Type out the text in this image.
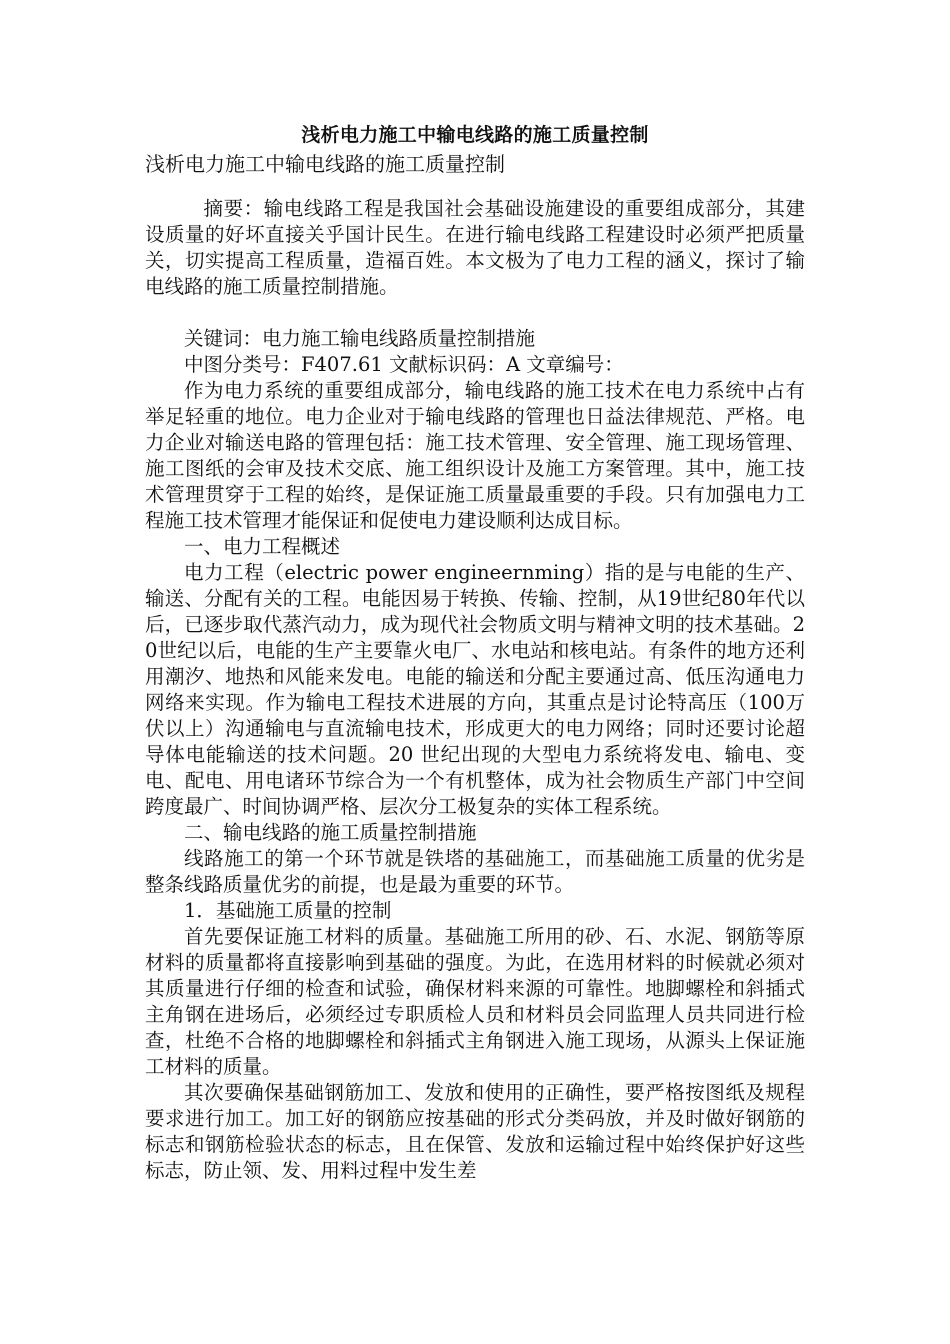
浅析电力施工中输电线路的施工质量控制
浅析电力施工中输电线路的施工质量控制

摘要：输电线路工程是我国社会基础设施建设的重要组成部分，其建设质量的好坏直接关乎国计民生。在进行输电线路工程建设时必须严把质量关，切实提高工程质量，造福百姓。本文极为了电力工程的涵义，探讨了输电线路的施工质量控制措施。

关键词：电力施工输电线路质量控制措施

中图分类号：F407.61 文献标识码：A 文章编号：

作为电力系统的重要组成部分，输电线路的施工技术在电力系统中占有举足轻重的地位。电力企业对于输电线路的管理也日益法律规范、严格。电力企业对输送电路的管理包括：施工技术管理、安全管理、施工现场管理、施工图纸的会审及技术交底、施工组织设计及施工方案管理。其中，施工技术管理贯穿于工程的始终，是保证施工质量最重要的手段。只有加强电力工程施工技术管理才能保证和促使电力建设顺利达成目标。

一、电力工程概述

电力工程（electric power engineernming）指的是与电能的生产、输送、分配有关的工程。电能因易于转换、传输、控制，从19世纪80年代以后，已逐步取代蒸汽动力，成为现代社会物质文明与精神文明的技术基础。20世纪以后，电能的生产主要靠火电厂、水电站和核电站。有条件的地方还利用潮汐、地热和风能来发电。电能的输送和分配主要通过高、低压沟通电力网络来实现。作为输电工程技术进展的方向，其重点是讨论特高压（100万伏以上）沟通输电与直流输电技术，形成更大的电力网络；同时还要讨论超导体电能输送的技术问题。20 世纪出现的大型电力系统将发电、输电、变电、配电、用电诸环节综合为一个有机整体，成为社会物质生产部门中空间跨度最广、时间协调严格、层次分工极复杂的实体工程系统。

二、输电线路的施工质量控制措施

线路施工的第一个环节就是铁塔的基础施工，而基础施工质量的优劣是整条线路质量优劣的前提，也是最为重要的环节。

1．基础施工质量的控制

首先要保证施工材料的质量。基础施工所用的砂、石、水泥、钢筋等原材料的质量都将直接影响到基础的强度。为此，在选用材料的时候就必须对其质量进行仔细的检查和试验，确保材料来源的可靠性。地脚螺栓和斜插式主角钢在进场后，必须经过专职质检人员和材料员会同监理人员共同进行检查，杜绝不合格的地脚螺栓和斜插式主角钢进入施工现场，从源头上保证施工材料的质量。

其次要确保基础钢筋加工、发放和使用的正确性，要严格按图纸及规程要求进行加工。加工好的钢筋应按基础的形式分类码放，并及时做好钢筋的标志和钢筋检验状态的标志，且在保管、发放和运输过程中始终保护好这些标志，防止领、发、用料过程中发生差
